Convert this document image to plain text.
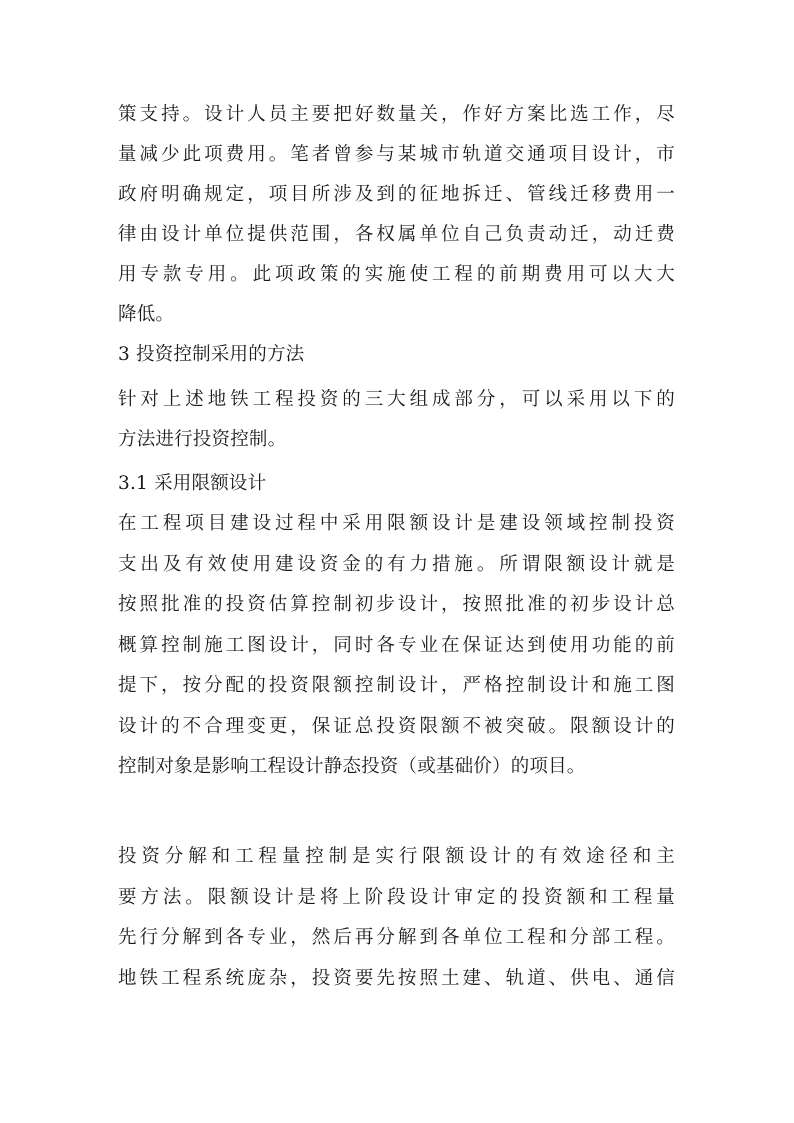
策支持。设计人员主要把好数量关，作好方案比选工作，尽
量减少此项费用。笔者曾参与某城市轨道交通项目设计，市
政府明确规定，项目所涉及到的征地拆迁、管线迁移费用一
律由设计单位提供范围，各权属单位自己负责动迁，动迁费
用专款专用。此项政策的实施使工程的前期费用可以大大
降低。
3 投资控制采用的方法
针对上述地铁工程投资的三大组成部分，可以采用以下的
方法进行投资控制。
3.1 采用限额设计
在工程项目建设过程中采用限额设计是建设领域控制投资
支出及有效使用建设资金的有力措施。所谓限额设计就是
按照批准的投资估算控制初步设计，按照批准的初步设计总
概算控制施工图设计，同时各专业在保证达到使用功能的前
提下，按分配的投资限额控制设计，严格控制设计和施工图
设计的不合理变更，保证总投资限额不被突破。限额设计的
控制对象是影响工程设计静态投资（或基础价）的项目。
投资分解和工程量控制是实行限额设计的有效途径和主
要方法。限额设计是将上阶段设计审定的投资额和工程量
先行分解到各专业，然后再分解到各单位工程和分部工程。
地铁工程系统庞杂，投资要先按照土建、轨道、供电、通信
